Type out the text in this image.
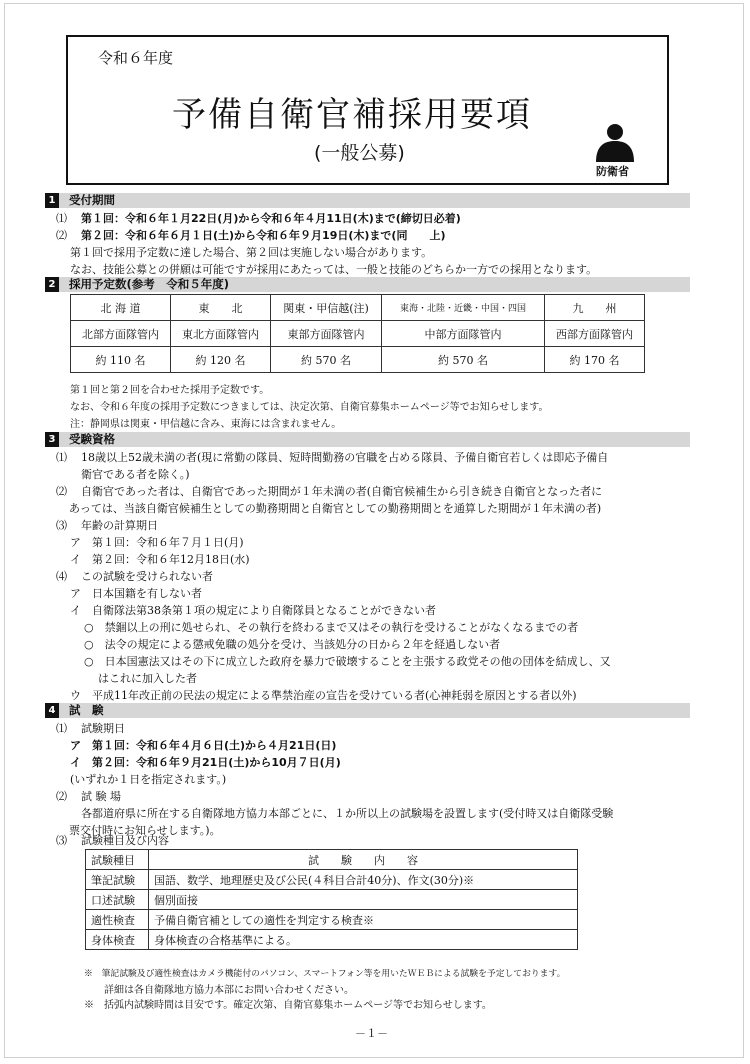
令和６年度
予備自衛官補採用要項
(一般公募)
防衛省
1	受付期間
⑴ 第１回：令和６年１月22日(月)から令和６年４月11日(木)まで(締切日必着)
⑵ 第２回：令和６年６月１日(土)から令和６年９月19日(木)まで(同　　上)
第１回で採用予定数に達した場合、第２回は実施しない場合があります。
なお、技能公募との併願は可能ですが採用にあたっては、一般と技能のどちらか一方での採用となります。
2	採用予定数(参考　令和５年度)
北 海 道	東　　北	関東・甲信越(注)	東海・北陸・近畿・中国・四国	九　　州
北部方面隊管内	東北方面隊管内	東部方面隊管内	中部方面隊管内	西部方面隊管内
約 110 名	約 120 名	約 570 名	約 570 名	約 170 名
第１回と第２回を合わせた採用予定数です。
なお、令和６年度の採用予定数につきましては、決定次第、自衛官募集ホームページ等でお知らせします。
注：静岡県は関東・甲信越に含み、東海には含まれません。
3	受験資格
⑴ 18歳以上52歳未満の者(現に常勤の隊員、短時間勤務の官職を占める隊員、予備自衛官若しくは即応予備自
衛官である者を除く。)
⑵ 自衛官であった者は、自衛官であった期間が１年未満の者(自衛官候補生から引き続き自衛官となった者に
あっては、当該自衛官候補生としての勤務期間と自衛官としての勤務期間とを通算した期間が１年未満の者)
⑶ 年齢の計算期日
ア　第１回：令和６年７月１日(月)
イ　第２回：令和６年12月18日(水)
⑷ この試験を受けられない者
ア　日本国籍を有しない者
イ　自衛隊法第38条第１項の規定により自衛隊員となることができない者
○　禁錮以上の刑に処せられ、その執行を終わるまで又はその執行を受けることがなくなるまでの者
○　法令の規定による懲戒免職の処分を受け、当該処分の日から２年を経過しない者
○　日本国憲法又はその下に成立した政府を暴力で破壊することを主張する政党その他の団体を結成し、又
はこれに加入した者
ウ　平成11年改正前の民法の規定による準禁治産の宣告を受けている者(心神耗弱を原因とする者以外)
4	試　験
⑴ 試験期日
ア　第１回：令和６年４月６日(土)から４月21日(日)
イ　第２回：令和６年９月21日(土)から10月７日(月)
(いずれか１日を指定されます。)
⑵ 試 験 場
各都道府県に所在する自衛隊地方協力本部ごとに、１か所以上の試験場を設置します(受付時又は自衛隊受験
票交付時にお知らせします。)。
⑶ 試験種目及び内容
試験種目	試　　験　　内　　容
筆記試験	国語、数学、地理歴史及び公民(４科目合計40分)、作文(30分)※
口述試験	個別面接
適性検査	予備自衛官補としての適性を判定する検査※
身体検査	身体検査の合格基準による。
※　筆記試験及び適性検査はカメラ機能付のパソコン、スマートフォン等を用いたＷＥＢによる試験を予定しております。
詳細は各自衛隊地方協力本部にお問い合わせください。
※　括弧内試験時間は目安です。確定次第、自衛官募集ホームページ等でお知らせします。
－１－
